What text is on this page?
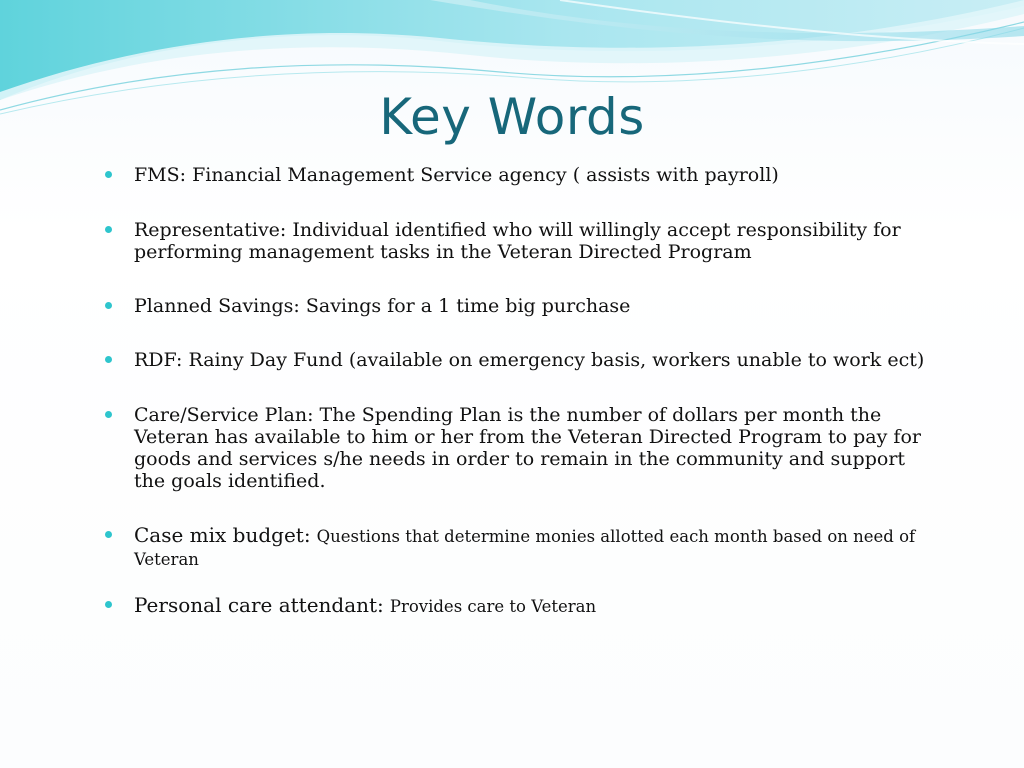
Key Words
FMS: Financial Management Service agency ( assists with payroll)
Representative: Individual identified who will willingly accept responsibility for performing management tasks in the Veteran Directed Program
Planned Savings: Savings for a 1 time big purchase
RDF: Rainy Day Fund (available on emergency basis, workers unable to work ect)
Care/Service Plan: The Spending Plan is the number of dollars per month the Veteran has available to him or her from the Veteran Directed Program to pay for goods and services s/he needs in order to remain in the community and support the goals identified.
Case mix budget: Questions that determine monies allotted each month based on need of Veteran
Personal care attendant: Provides care to Veteran
